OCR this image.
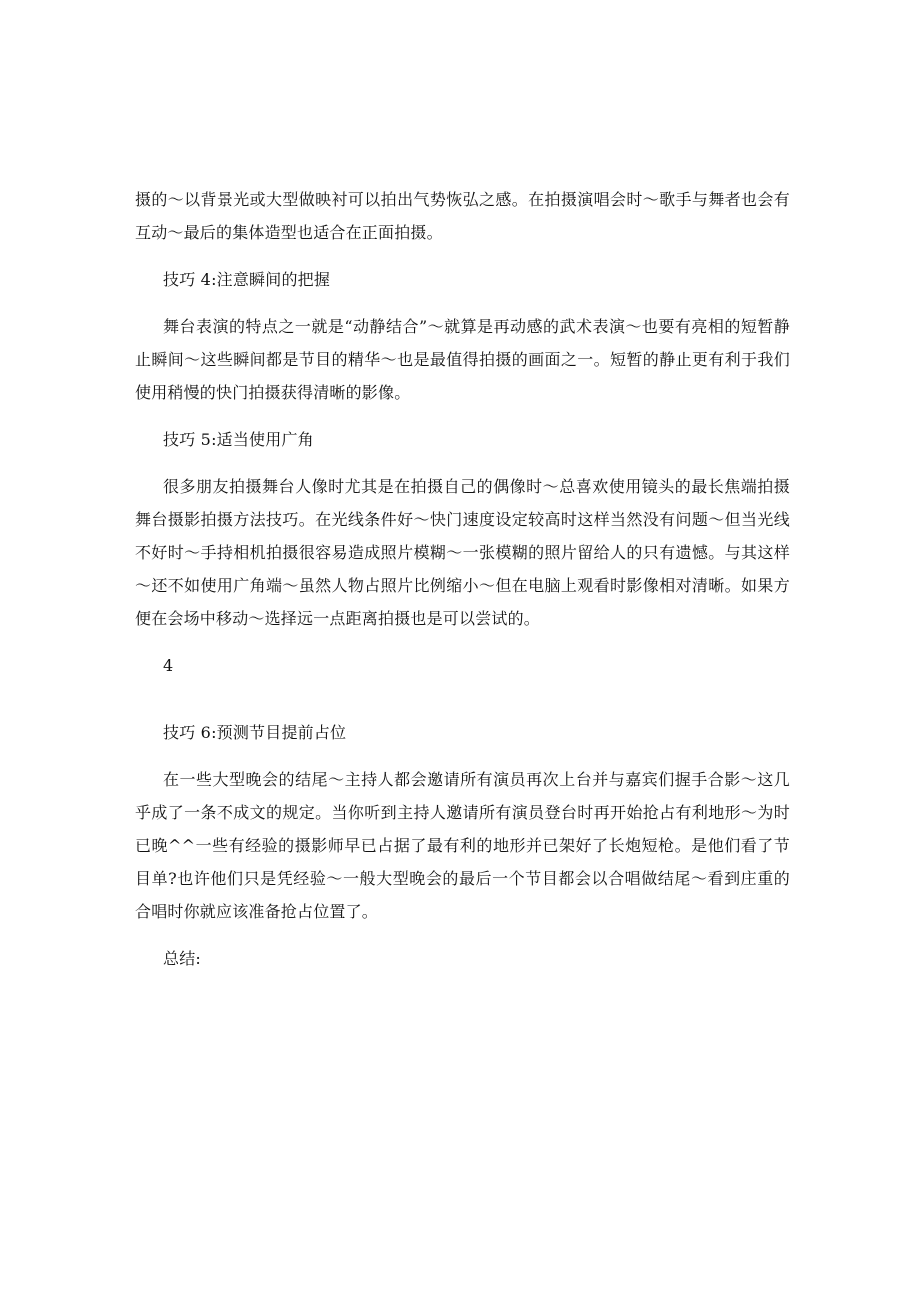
摄的～以背景光或大型做映衬可以拍出气势恢弘之感。在拍摄演唱会时～歌手与舞者也会有互动～最后的集体造型也适合在正面拍摄。

技巧 4:注意瞬间的把握

舞台表演的特点之一就是“动静结合”～就算是再动感的武术表演～也要有亮相的短暂静止瞬间～这些瞬间都是节目的精华～也是最值得拍摄的画面之一。短暂的静止更有利于我们使用稍慢的快门拍摄获得清晰的影像。

技巧 5:适当使用广角

很多朋友拍摄舞台人像时尤其是在拍摄自己的偶像时～总喜欢使用镜头的最长焦端拍摄舞台摄影拍摄方法技巧。在光线条件好～快门速度设定较高时这样当然没有问题～但当光线不好时～手持相机拍摄很容易造成照片模糊～一张模糊的照片留给人的只有遗憾。与其这样～还不如使用广角端～虽然人物占照片比例缩小～但在电脑上观看时影像相对清晰。如果方便在会场中移动～选择远一点距离拍摄也是可以尝试的。

4

技巧 6:预测节目提前占位

在一些大型晚会的结尾～主持人都会邀请所有演员再次上台并与嘉宾们握手合影～这几乎成了一条不成文的规定。当你听到主持人邀请所有演员登台时再开始抢占有利地形～为时已晚^^一些有经验的摄影师早已占据了最有利的地形并已架好了长炮短枪。是他们看了节目单?也许他们只是凭经验～一般大型晚会的最后一个节目都会以合唱做结尾～看到庄重的合唱时你就应该准备抢占位置了。

总结:
